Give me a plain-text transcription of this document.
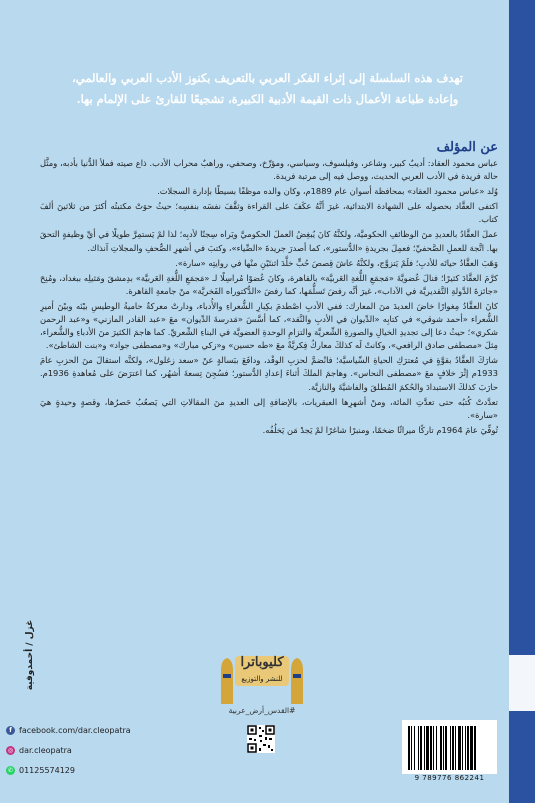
تهدف هذه السلسلة إلى إثراء الفكر العربي بالتعريف بكنوز الأدب العربي والعالمي،
وإعادة طباعة الأعمال ذات القيمة الأدبية الكبيرة، تشجيعًا للقارئ على الإلمام بها.
عن المؤلف

عباس محمود العقاد: أديبٌ كبير، وشاعر، وفيلسوف، وسياسي، ومؤرِّخ، وصحفي، وراهبٌ محراب الأدب. ذاع صيته فملأ الدُّنيا بأدبه، ومثَّل حالة فريدة في الأدب العربي الحديث، ووصل فيه إلى مرتبة فريدة.

وُلد «عباس محمود العقاد» بمحافظة أسوان عام 1889م، وكان والده موظفًا بسيطًا بإدارة السجلات.

اكتفى العقَّاد بحصوله على الشهادة الابتدائية، غيرَ أنَّهُ عكَفَ على القراءة وثقَّفَ نفسَه بنفسِه؛ حيثُ حوَتْ مكتبتُه أكثرَ من ثلاثينَ ألفَ كتاب.

عملَ العقَّادُ بالعديدِ منَ الوظائفِ الحكوميَّة، ولكنَّهُ كانَ يُبغِضُ العملَ الحكوميَّ ويَراه سِجنًا لأدبِه؛ لذا لمْ يَستمِرَّ طويلًا في أيِّ وظيفةٍ التحقَ بها. اتَّجهَ للعملِ الصَّحفيِّ؛ فعمِلَ بجريدةِ «الدُّستور»، كما أصدرَ جريدةَ «الضِّياء»، وكتبَ في أشهرِ الصُّحفِ والمجلاتِ آنذاك.

وَهَبَ العقَّادُ حياتَه للأدبِ؛ فلَمْ يَتزوَّج، ولكنَّهُ عاشَ قِصصَ حُبٍّ خلَّدَ اثنتَيْنِ منْها في روايتِه «سارة».

كرَّمَ العقَّادَ كثيرًا؛ فنالَ عُضويَّةَ «مَجمَعِ اللُّغةِ العَربيَّة» بالقاهرة، وكانَ عُضوًا مُراسِلًا لـ «مَجمَعِ اللُّغةِ العَربيَّة» بدِمشقَ ومَثيلِه ببغداد، ومُنِحَ «جائزةَ الدَّولةِ التَّقديريَّة في الآداب»، غيرَ أنَّه رفضَ تَسلُّمَها، كما رفضَ «الدُّكتوراه الفَخريَّة» منْ جامعةِ القاهرة.

كانَ العقَّادُ مِغوارًا خاضَ العديدَ منَ المعارك: ففي الأدبِ اصْطدمَ بكِبارِ الشُّعراءِ والأُدباء، ودارتْ معركةٌ حاميةُ الوطيسِ بيْنَه وبيْنَ أميرِ الشُّعراء «أحمد شوقي» في كتابِه «الدِّيوان في الأدبِ والنَّقد»، كما أسَّسَ «مَدرسةَ الدِّيوان» معَ «عبد القادر المازني» و«عبد الرحمن شكري»؛ حيثُ دعا إلى تجديدِ الخيالِ والصورةِ الشِّعريَّة والتزامِ الوحدةِ العضويَّة في البناءِ الشِّعريِّ. كما هاجمَ الكثيرَ منَ الأدباءِ والشُّعراء، مِثلَ «مصطفى صادق الرافعي»، وكانتْ لَه كذلكَ معاركُ فِكريَّةٌ معَ «طه حسين» و«زكي مبارك» و«مصطفى جواد» و«بنت الشاطئ».

شارَكَ العقَّادُ بقوَّةٍ في مُعترَكِ الحياةِ السِّياسيَّة؛ فانْضمَّ لحزبِ الوفْد، ودافَعَ ببَسالةٍ عنْ «سعد زغلول»، ولكنَّه استقالَ منَ الحزبِ عامَ 1933م إثْرَ خلافٍ معَ «مصطفى النحاس». وهاجمَ الملكَ أثناءَ إعدادِ الدُّستور؛ فسُجِنَ تِسعةَ أشهُر، كما اعترَضَ على مُعاهدةِ 1936م. حارَبَ كذلكَ الاستبدادَ والحُكمَ المُطلقَ والفاشيَّةَ والنازيَّة.

تعدَّدتْ كُتبُه حتى تعدَّتِ المائة، ومنْ أشهرِها العبقريات، بالإضافةِ إلى العديدِ منَ المقالاتِ التي يَصعُبُ حَصرُها، وقصةٍ وحيدةٍ هيَ «سارة».

تُوفِّيَ عامَ 1964م تاركًا ميراثًا ضخمًا، ومنبرًا شاغرًا لمْ يَجدْ مَن يَخلُفُه.

غزل / أحمدوفية	كليوباترا
للنشر والتوزيع
#القدس_أرض_عربية
f facebook.com/dar.cleopatra
◎ dar.cleopatra
✆ 01125574129
9 789776 862241
